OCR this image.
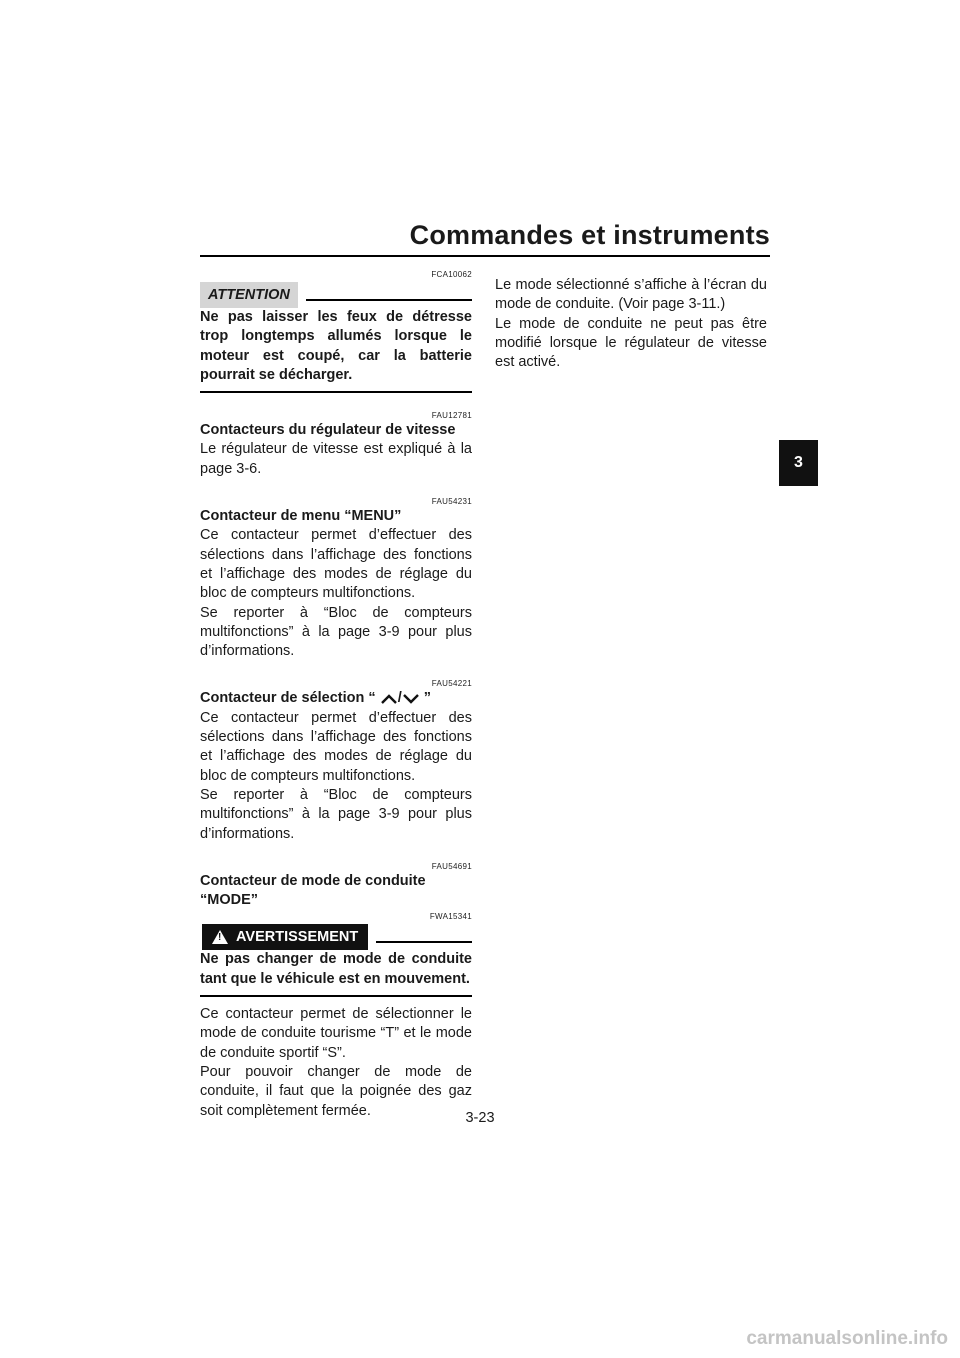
Commandes et instruments
3
FCA10062
ATTENTION

Ne pas laisser les feux de détresse trop longtemps allumés lorsque le moteur est coupé, car la batterie pourrait se décharger.

FAU12781

Contacteurs du régulateur de vitesse

Le régulateur de vitesse est expliqué à la page 3-6.

FAU54231

Contacteur de menu “MENU”

Ce contacteur permet d’effectuer des sélections dans l’affichage des fonctions et l’affichage des modes de réglage du bloc de compteurs multifonctions.

Se reporter à “Bloc de compteurs multifonctions” à la page 3-9 pour plus d’informations.

FAU54221

Contacteur de sélection “ / ”

Ce contacteur permet d’effectuer des sélections dans l’affichage des fonctions et l’affichage des modes de réglage du bloc de compteurs multifonctions.

Se reporter à “Bloc de compteurs multifonctions” à la page 3-9 pour plus d’informations.

FAU54691

Contacteur de mode de conduite “MODE”

FWA15341
! AVERTISSEMENT

Ne pas changer de mode de conduite tant que le véhicule est en mouvement.

Ce contacteur permet de sélectionner le mode de conduite tourisme “T” et le mode de conduite sportif “S”.

Pour pouvoir changer de mode de conduite, il faut que la poignée des gaz soit complètement fermée.

Le mode sélectionné s’affiche à l’écran du mode de conduite. (Voir page 3-11.)

Le mode de conduite ne peut pas être modifié lorsque le régulateur de vitesse est activé.

3-23
carmanualsonline.info
